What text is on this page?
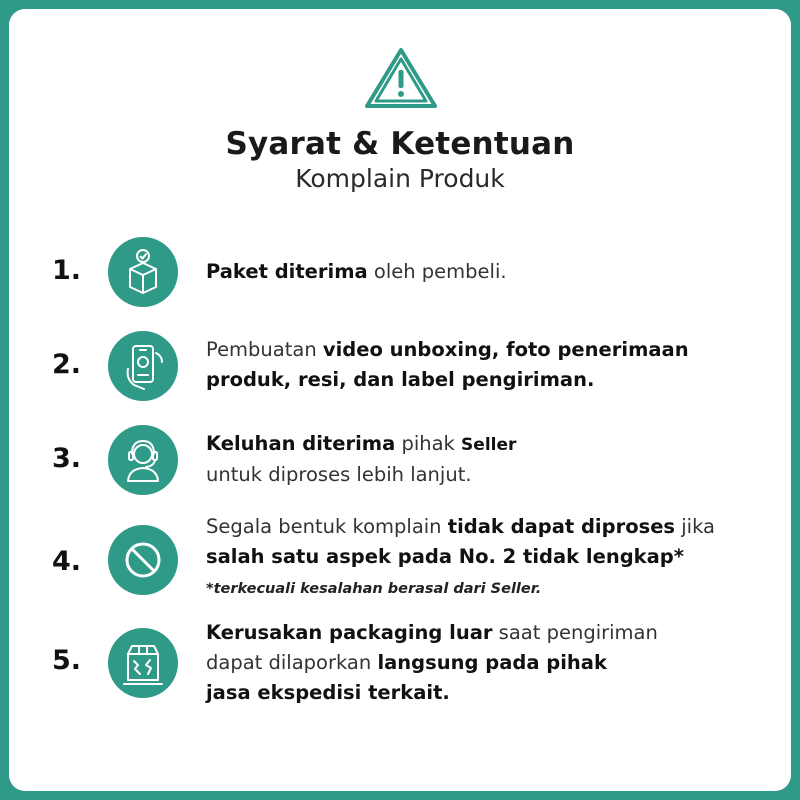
Syarat & Ketentuan
Komplain Produk
1.	Paket diterima oleh pembeli.
2.	Pembuatan video unboxing, foto penerimaan
produk, resi, dan label pengiriman.
3.	Keluhan diterima pihak Seller
untuk diproses lebih lanjut.
4.
Segala bentuk komplain tidak dapat diproses jika
salah satu aspek pada No. 2 tidak lengkap*
*terkecuali kesalahan berasal dari Seller.
5.
Kerusakan packaging luar saat pengiriman
dapat dilaporkan langsung pada pihak
jasa ekspedisi terkait.
